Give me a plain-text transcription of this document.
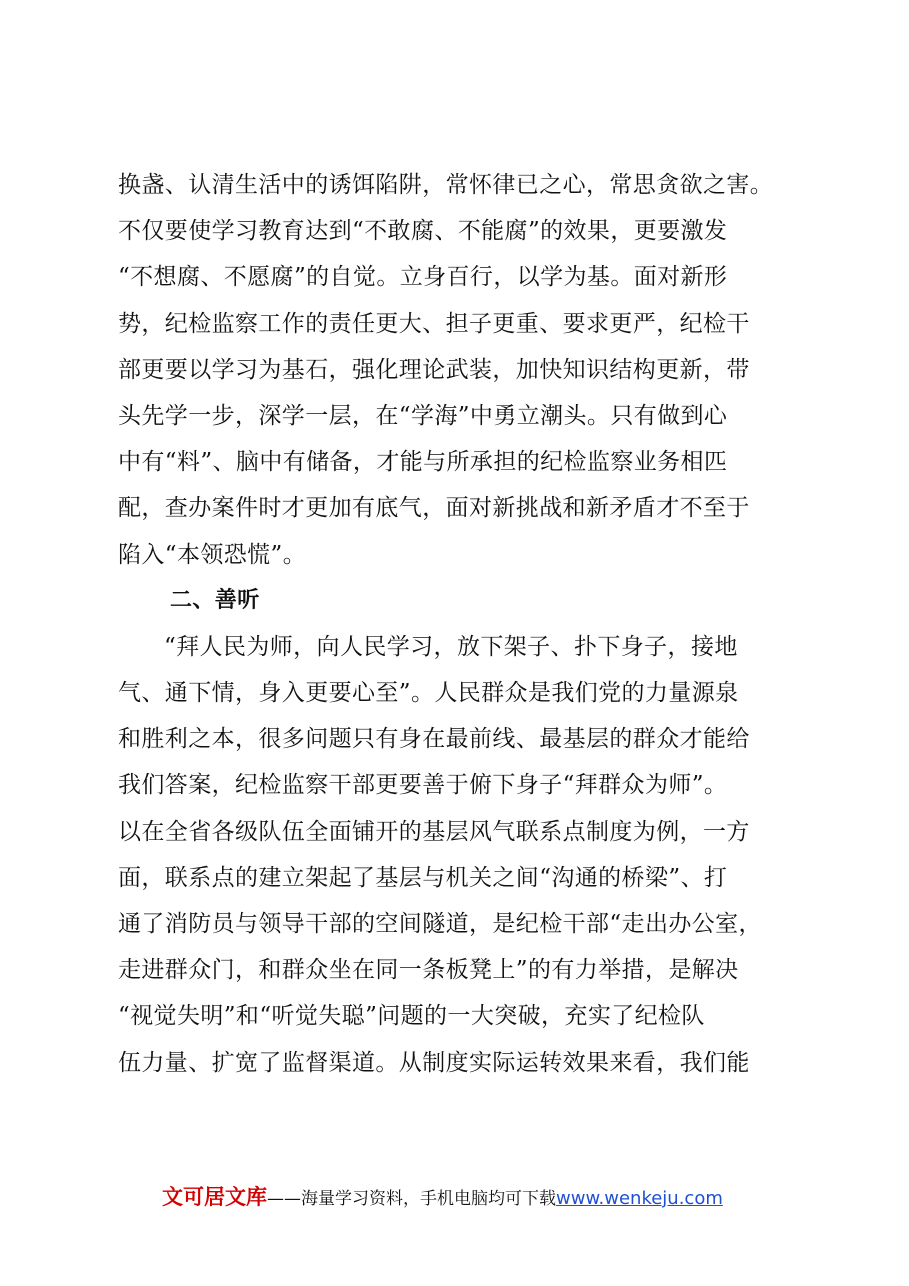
换盏、认清生活中的诱饵陷阱，常怀律已之心，常思贪欲之害。
不仅要使学习教育达到“不敢腐、不能腐”的效果，更要激发
“不想腐、不愿腐”的自觉。立身百行，以学为基。面对新形
势，纪检监察工作的责任更大、担子更重、要求更严，纪检干
部更要以学习为基石，强化理论武装，加快知识结构更新，带
头先学一步，深学一层，在“学海”中勇立潮头。只有做到心
中有“料”、脑中有储备，才能与所承担的纪检监察业务相匹
配，查办案件时才更加有底气，面对新挑战和新矛盾才不至于
陷入“本领恐慌”。
二、善听
“拜人民为师，向人民学习，放下架子、扑下身子，接地
气、通下情，身入更要心至”。人民群众是我们党的力量源泉
和胜利之本，很多问题只有身在最前线、最基层的群众才能给
我们答案，纪检监察干部更要善于俯下身子“拜群众为师”。
以在全省各级队伍全面铺开的基层风气联系点制度为例，一方
面，联系点的建立架起了基层与机关之间“沟通的桥梁”、打
通了消防员与领导干部的空间隧道，是纪检干部“走出办公室，
走进群众门，和群众坐在同一条板凳上”的有力举措，是解决
“视觉失明”和“听觉失聪”问题的一大突破，充实了纪检队
伍力量、扩宽了监督渠道。从制度实际运转效果来看，我们能
文可居文库——海量学习资料，手机电脑均可下载www.wenkeju.com
